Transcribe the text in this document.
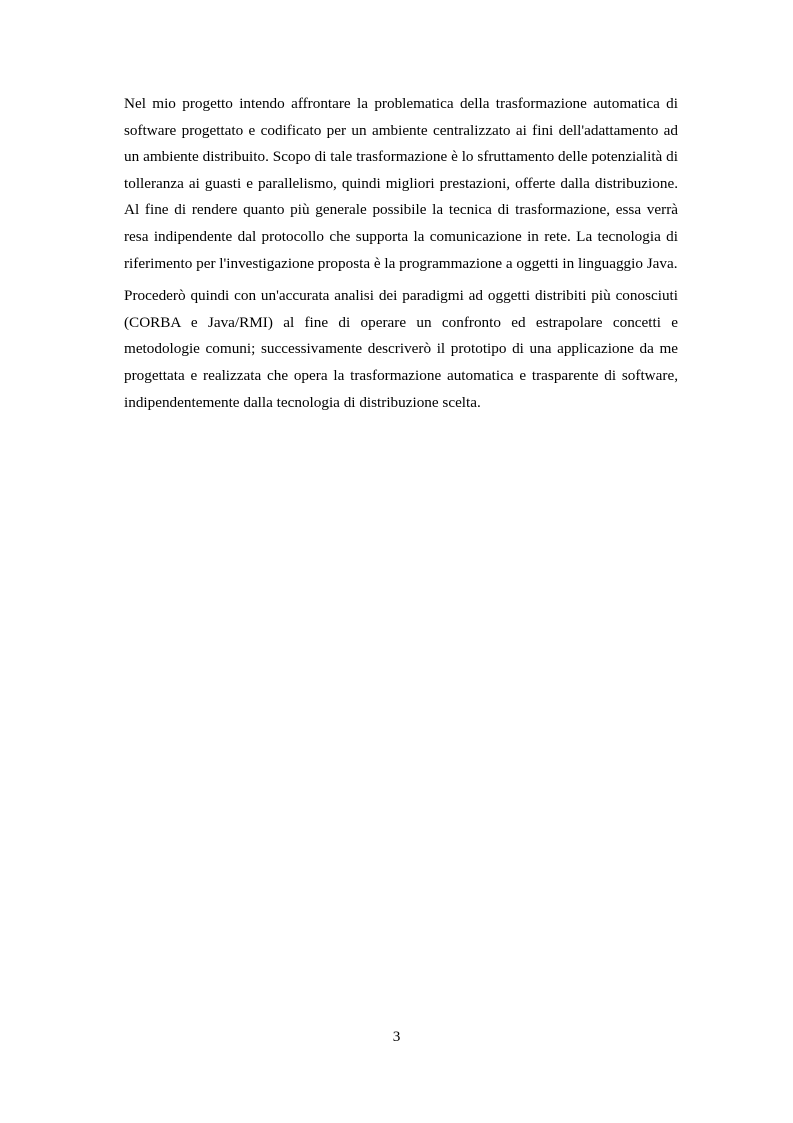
Nel mio progetto intendo affrontare la problematica della trasformazione automatica di software progettato e codificato per un ambiente centralizzato ai fini dell'adattamento ad un ambiente distribuito. Scopo di tale trasformazione è lo sfruttamento delle potenzialità di tolleranza ai guasti e parallelismo, quindi migliori prestazioni, offerte dalla distribuzione. Al fine di rendere quanto più generale possibile la tecnica di trasformazione, essa verrà resa indipendente dal protocollo che supporta la comunicazione in rete. La tecnologia di riferimento per l'investigazione proposta è la programmazione a oggetti in linguaggio Java.

Procederò quindi con un'accurata analisi dei paradigmi ad oggetti distribiti più conosciuti (CORBA e Java/RMI) al fine di operare un confronto ed estrapolare concetti e metodologie comuni; successivamente descriverò il prototipo di una applicazione da me progettata e realizzata che opera la trasformazione automatica e trasparente di software, indipendentemente dalla tecnologia di distribuzione scelta.

3
